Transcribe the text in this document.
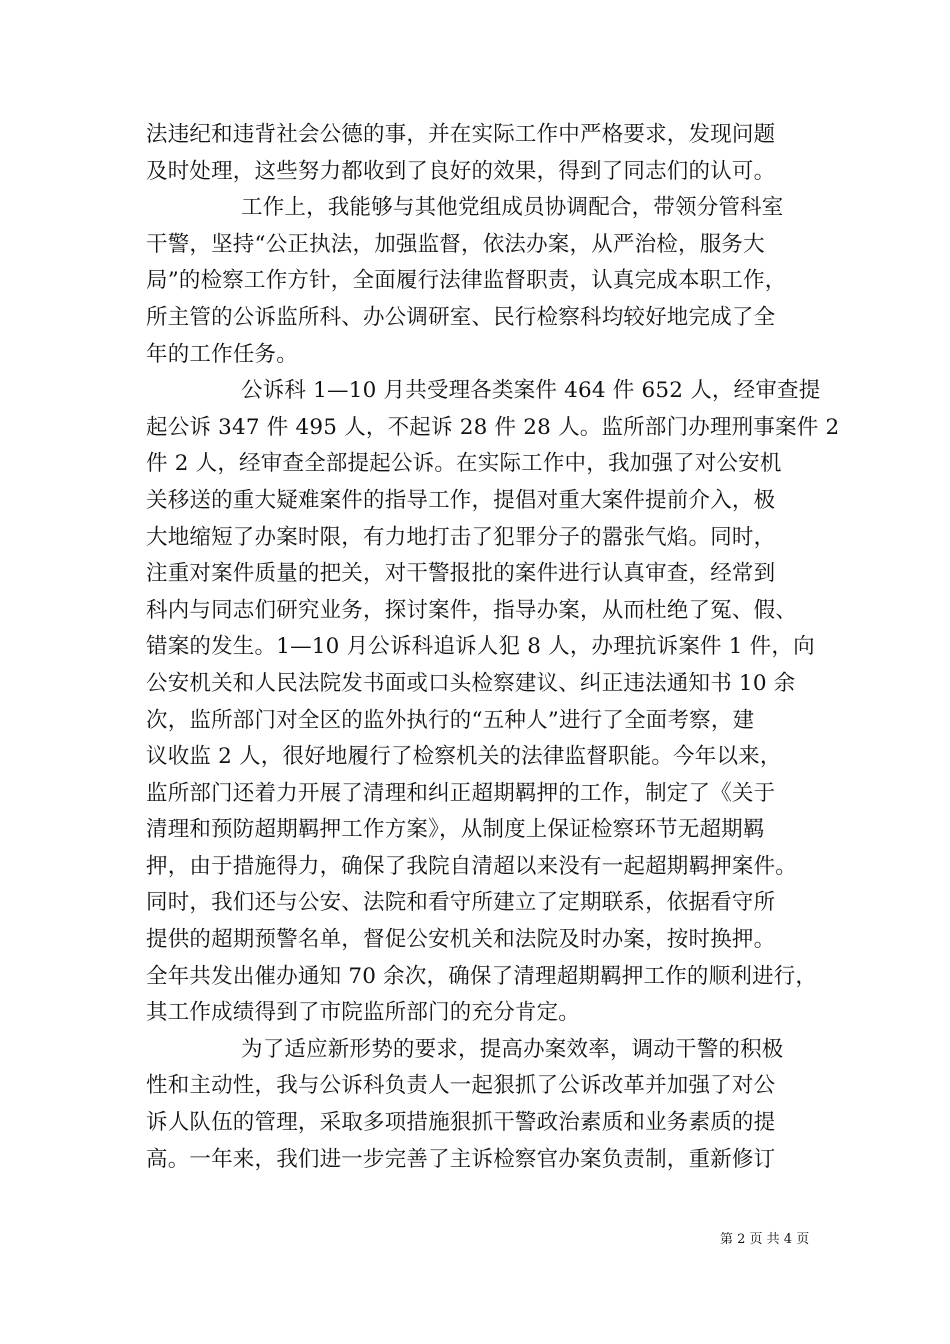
法违纪和违背社会公德的事，并在实际工作中严格要求，发现问题
及时处理，这些努力都收到了良好的效果，得到了同志们的认可。
工作上，我能够与其他党组成员协调配合，带领分管科室
干警，坚持“公正执法，加强监督，依法办案，从严治检，服务大
局”的检察工作方针，全面履行法律监督职责，认真完成本职工作，
所主管的公诉监所科、办公调研室、民行检察科均较好地完成了全
年的工作任务。
公诉科 1—10 月共受理各类案件 464 件 652 人，经审查提
起公诉 347 件 495 人，不起诉 28 件 28 人。监所部门办理刑事案件 2
件 2 人，经审查全部提起公诉。在实际工作中，我加强了对公安机
关移送的重大疑难案件的指导工作，提倡对重大案件提前介入，极
大地缩短了办案时限，有力地打击了犯罪分子的嚣张气焰。同时，
注重对案件质量的把关，对干警报批的案件进行认真审查，经常到
科内与同志们研究业务，探讨案件，指导办案，从而杜绝了冤、假、
错案的发生。1—10 月公诉科追诉人犯 8 人，办理抗诉案件 1 件，向
公安机关和人民法院发书面或口头检察建议、纠正违法通知书 10 余
次，监所部门对全区的监外执行的“五种人”进行了全面考察，建
议收监 2 人，很好地履行了检察机关的法律监督职能。今年以来，
监所部门还着力开展了清理和纠正超期羁押的工作，制定了《关于
清理和预防超期羁押工作方案》，从制度上保证检察环节无超期羁
押，由于措施得力，确保了我院自清超以来没有一起超期羁押案件。
同时，我们还与公安、法院和看守所建立了定期联系，依据看守所
提供的超期预警名单，督促公安机关和法院及时办案，按时换押。
全年共发出催办通知 70 余次，确保了清理超期羁押工作的顺利进行，
其工作成绩得到了市院监所部门的充分肯定。
为了适应新形势的要求，提高办案效率，调动干警的积极
性和主动性，我与公诉科负责人一起狠抓了公诉改革并加强了对公
诉人队伍的管理，采取多项措施狠抓干警政治素质和业务素质的提
高。一年来，我们进一步完善了主诉检察官办案负责制，重新修订
第 2 页 共 4 页
